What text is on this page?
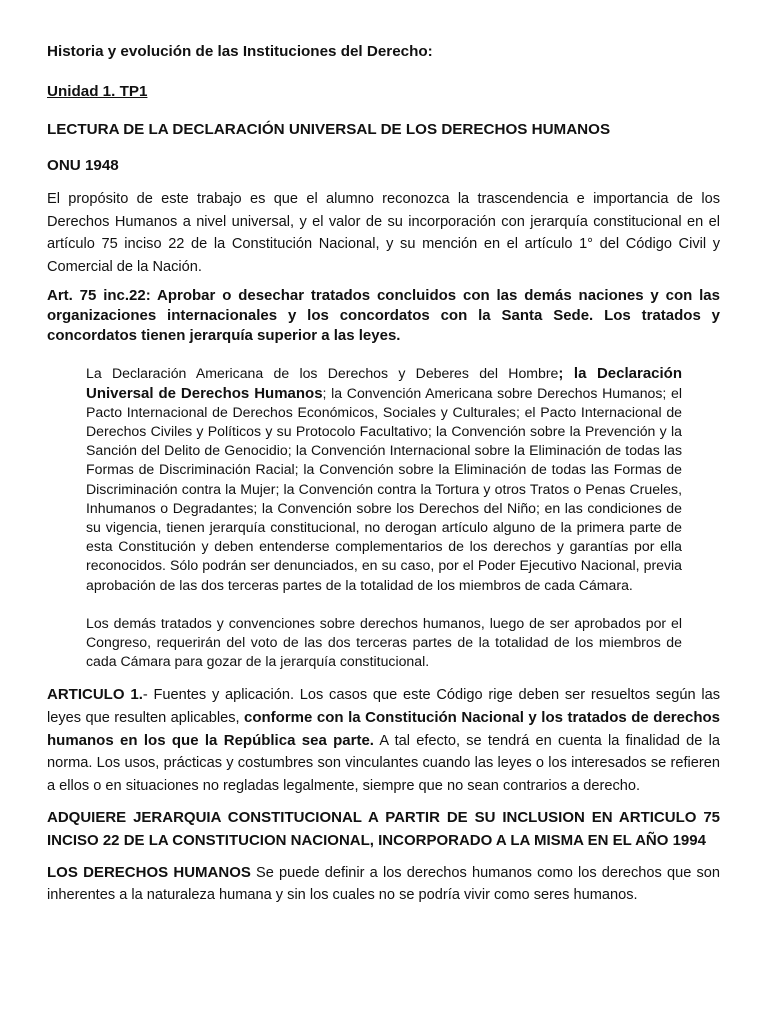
Historia y evolución de las Instituciones del Derecho:

Unidad 1. TP1

LECTURA DE LA DECLARACIÓN UNIVERSAL DE LOS DERECHOS HUMANOS

ONU 1948

El propósito de este trabajo es que el alumno reconozca la trascendencia e importancia de los Derechos Humanos a nivel universal, y el valor de su incorporación con jerarquía constitucional en el artículo 75 inciso 22 de la Constitución Nacional, y su mención en el artículo 1° del Código Civil y Comercial de la Nación.

Art. 75 inc.22: Aprobar o desechar tratados concluidos con las demás naciones y con las organizaciones internacionales y los concordatos con la Santa Sede. Los tratados y concordatos tienen jerarquía superior a las leyes.

La Declaración Americana de los Derechos y Deberes del Hombre; la Declaración Universal de Derechos Humanos; la Convención Americana sobre Derechos Humanos; el Pacto Internacional de Derechos Económicos, Sociales y Culturales; el Pacto Internacional de Derechos Civiles y Políticos y su Protocolo Facultativo; la Convención sobre la Prevención y la Sanción del Delito de Genocidio; la Convención Internacional sobre la Eliminación de todas las Formas de Discriminación Racial; la Convención sobre la Eliminación de todas las Formas de Discriminación contra la Mujer; la Convención contra la Tortura y otros Tratos o Penas Crueles, Inhumanos o Degradantes; la Convención sobre los Derechos del Niño; en las condiciones de su vigencia, tienen jerarquía constitucional, no derogan artículo alguno de la primera parte de esta Constitución y deben entenderse complementarios de los derechos y garantías por ella reconocidos. Sólo podrán ser denunciados, en su caso, por el Poder Ejecutivo Nacional, previa aprobación de las dos terceras partes de la totalidad de los miembros de cada Cámara.

Los demás tratados y convenciones sobre derechos humanos, luego de ser aprobados por el Congreso, requerirán del voto de las dos terceras partes de la totalidad de los miembros de cada Cámara para gozar de la jerarquía constitucional.

ARTICULO 1.- Fuentes y aplicación. Los casos que este Código rige deben ser resueltos según las leyes que resulten aplicables, conforme con la Constitución Nacional y los tratados de derechos humanos en los que la República sea parte. A tal efecto, se tendrá en cuenta la finalidad de la norma. Los usos, prácticas y costumbres son vinculantes cuando las leyes o los interesados se refieren a ellos o en situaciones no regladas legalmente, siempre que no sean contrarios a derecho.

ADQUIERE JERARQUIA CONSTITUCIONAL A PARTIR DE SU INCLUSION EN ARTICULO 75 INCISO 22 DE LA CONSTITUCION NACIONAL, INCORPORADO A LA MISMA EN EL AÑO 1994

LOS DERECHOS HUMANOS Se puede definir a los derechos humanos como los derechos que son inherentes a la naturaleza humana y sin los cuales no se podría vivir como seres humanos.
